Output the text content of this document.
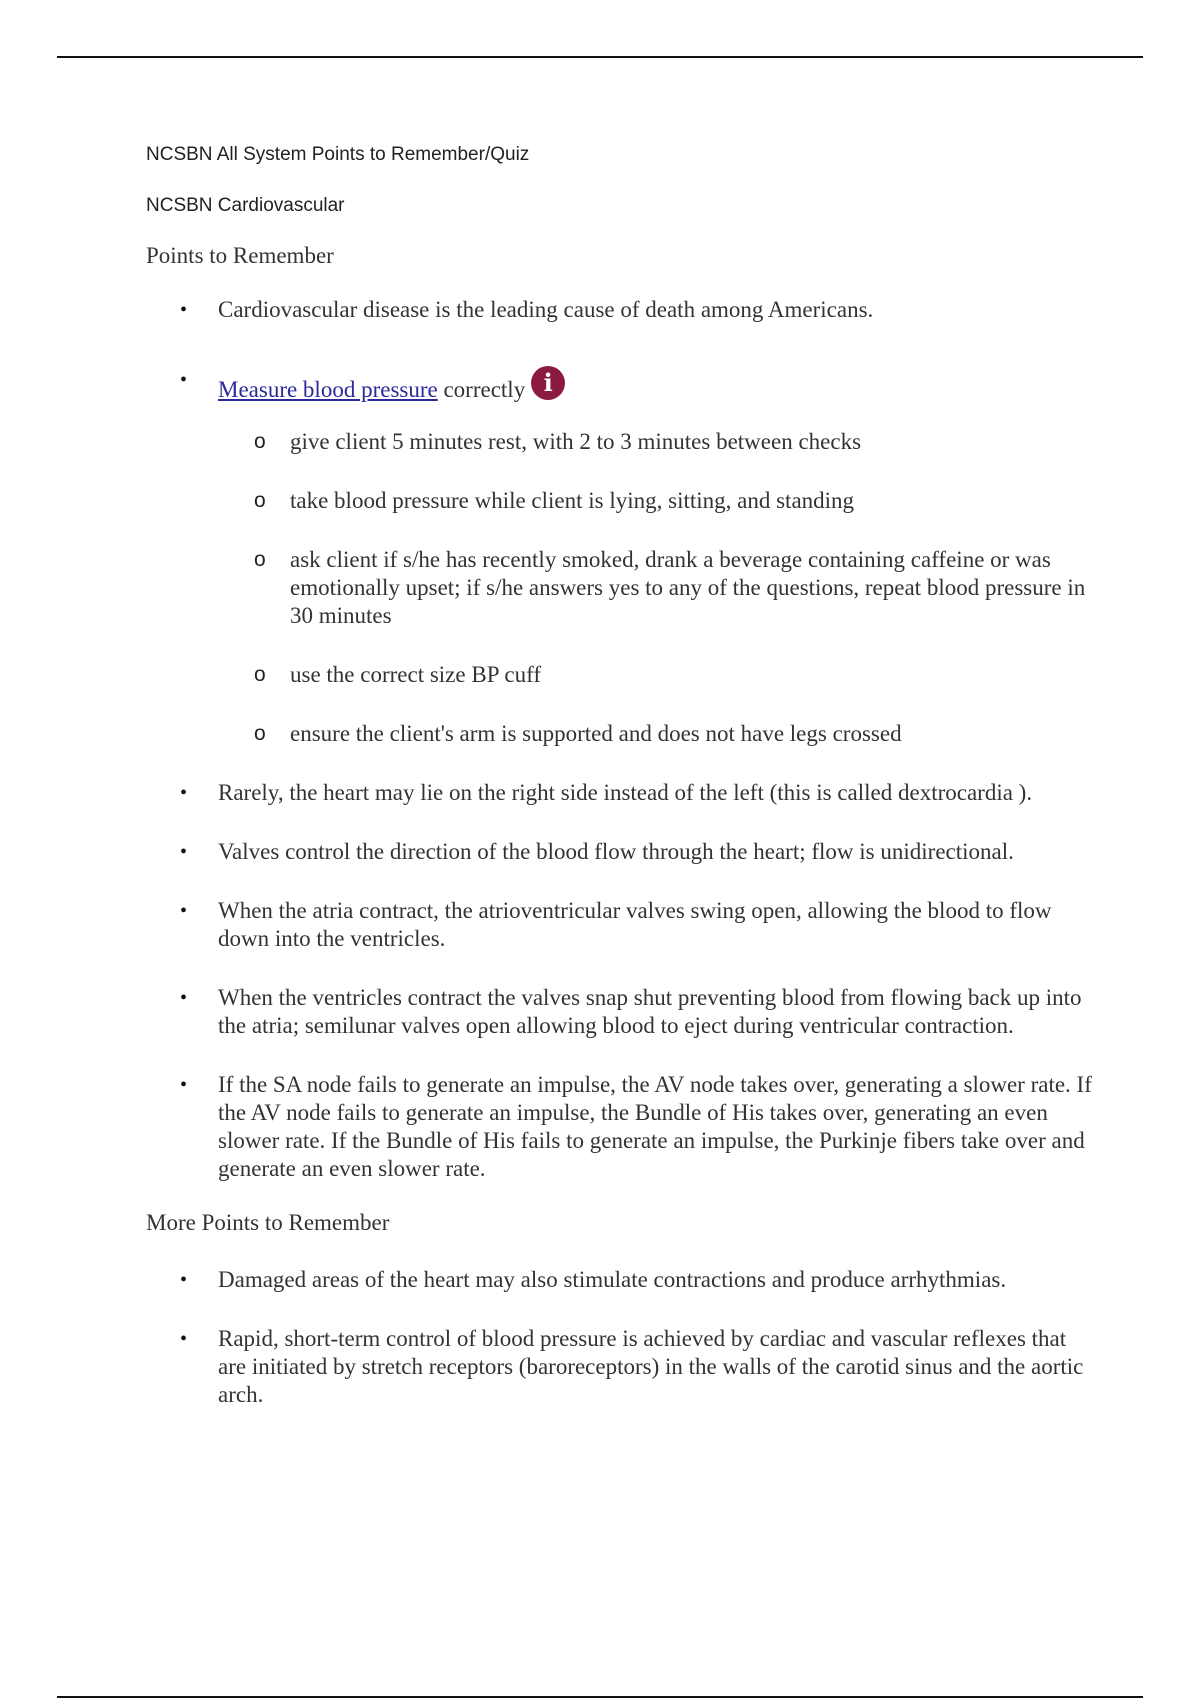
NCSBN All System Points to Remember/Quiz

NCSBN Cardiovascular

Points to Remember

• Cardiovascular disease is the leading cause of death among Americans.
• Measure blood pressure correctly i
o give client 5 minutes rest, with 2 to 3 minutes between checks
o take blood pressure while client is lying, sitting, and standing
o ask client if s/he has recently smoked, drank a beverage containing caffeine or was emotionally upset; if s/he answers yes to any of the questions, repeat blood pressure in 30 minutes
o use the correct size BP cuff
o ensure the client's arm is supported and does not have legs crossed
• Rarely, the heart may lie on the right side instead of the left (this is called dextrocardia ).
• Valves control the direction of the blood flow through the heart; flow is unidirectional.
• When the atria contract, the atrioventricular valves swing open, allowing the blood to flow down into the ventricles.
• When the ventricles contract the valves snap shut preventing blood from flowing back up into the atria; semilunar valves open allowing blood to eject during ventricular contraction.
• If the SA node fails to generate an impulse, the AV node takes over, generating a slower rate. If the AV node fails to generate an impulse, the Bundle of His takes over, generating an even slower rate. If the Bundle of His fails to generate an impulse, the Purkinje fibers take over and generate an even slower rate.

More Points to Remember

• Damaged areas of the heart may also stimulate contractions and produce arrhythmias.
• Rapid, short-term control of blood pressure is achieved by cardiac and vascular reflexes that are initiated by stretch receptors (baroreceptors) in the walls of the carotid sinus and the aortic arch.
